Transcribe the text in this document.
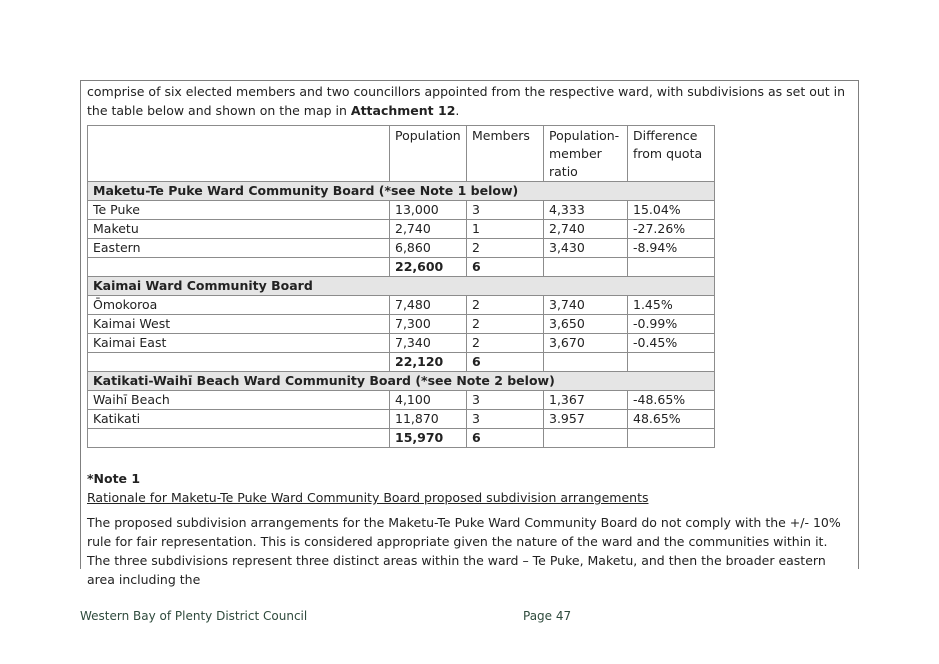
comprise of six elected members and two councillors appointed from the respective ward, with subdivisions as set out in the table below and shown on the map in Attachment 12.

	Population	Members	Population-member ratio	Difference from quota
Maketu-Te Puke Ward Community Board (*see Note 1 below)				
Te Puke	13,000	3	4,333	15.04%
Maketu	2,740	1	2,740	-27.26%
Eastern	6,860	2	3,430	-8.94%
	22,600	6		
Kaimai Ward Community Board				
Ōmokoroa	7,480	2	3,740	1.45%
Kaimai West	7,300	2	3,650	-0.99%
Kaimai East	7,340	2	3,670	-0.45%
	22,120	6		
Katikati-Waihī Beach Ward Community Board (*see Note 2 below)				
Waihī Beach	4,100	3	1,367	-48.65%
Katikati	11,870	3	3.957	48.65%
	15,970	6		

*Note 1

Rationale for Maketu-Te Puke Ward Community Board proposed subdivision arrangements

The proposed subdivision arrangements for the Maketu-Te Puke Ward Community Board do not comply with the +/- 10% rule for fair representation. This is considered appropriate given the nature of the ward and the communities within it. The three subdivisions represent three distinct areas within the ward – Te Puke, Maketu, and then the broader eastern area including the

Western Bay of Plenty District Council	Page 47
